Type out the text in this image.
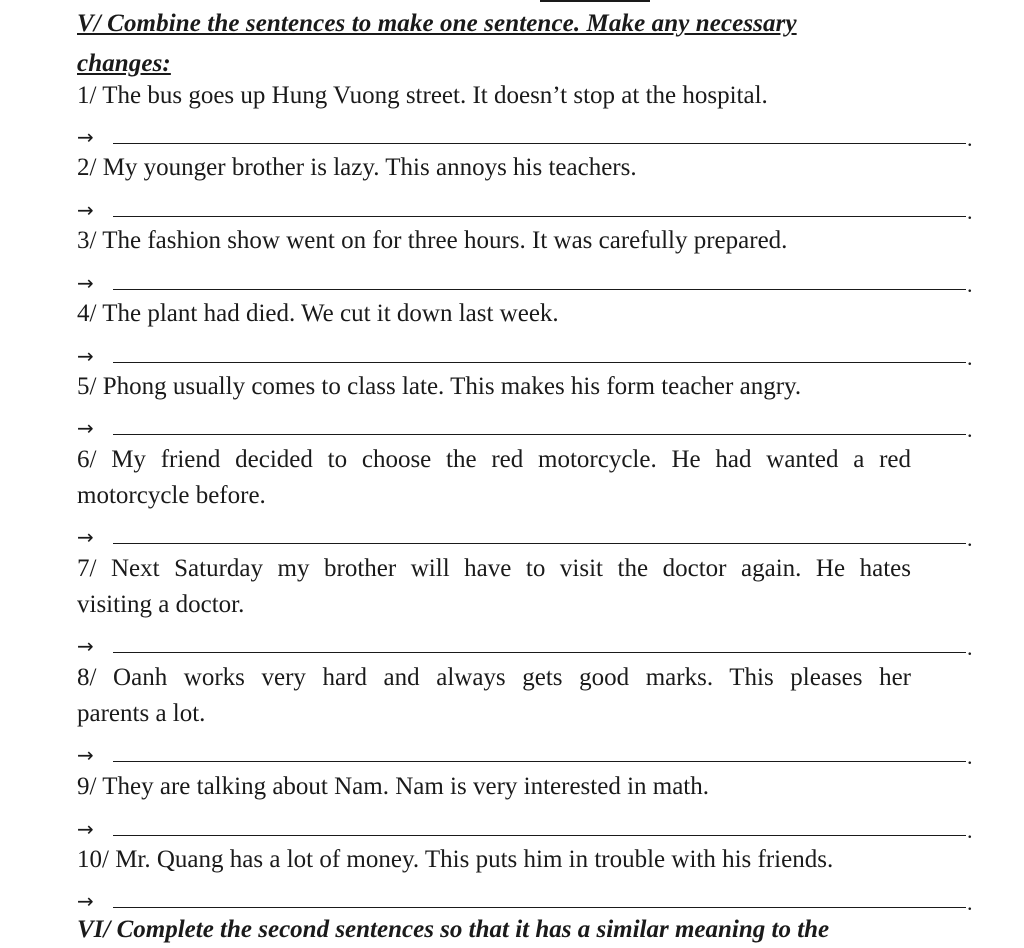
V/ Combine the sentences to make one sentence. Make any necessary
changes:
1/ The bus goes up Hung Vuong street. It doesn’t stop at the hospital.
→	.
2/ My younger brother is lazy. This annoys his teachers.
→	.
3/ The fashion show went on for three hours. It was carefully prepared.
→	.
4/ The plant had died. We cut it down last week.
→	.
5/ Phong usually comes to class late. This makes his form teacher angry.
→	.
6/ My friend decided to choose the red motorcycle. He had wanted a red
motorcycle before.
→	.
7/ Next Saturday my brother will have to visit the doctor again. He hates
visiting a doctor.
→	.
8/ Oanh works very hard and always gets good marks. This pleases her
parents a lot.
→	.
9/ They are talking about Nam. Nam is very interested in math.
→	.
10/ Mr. Quang has a lot of money. This puts him in trouble with his friends.
→	.
VI/ Complete the second sentences so that it has a similar meaning to the
